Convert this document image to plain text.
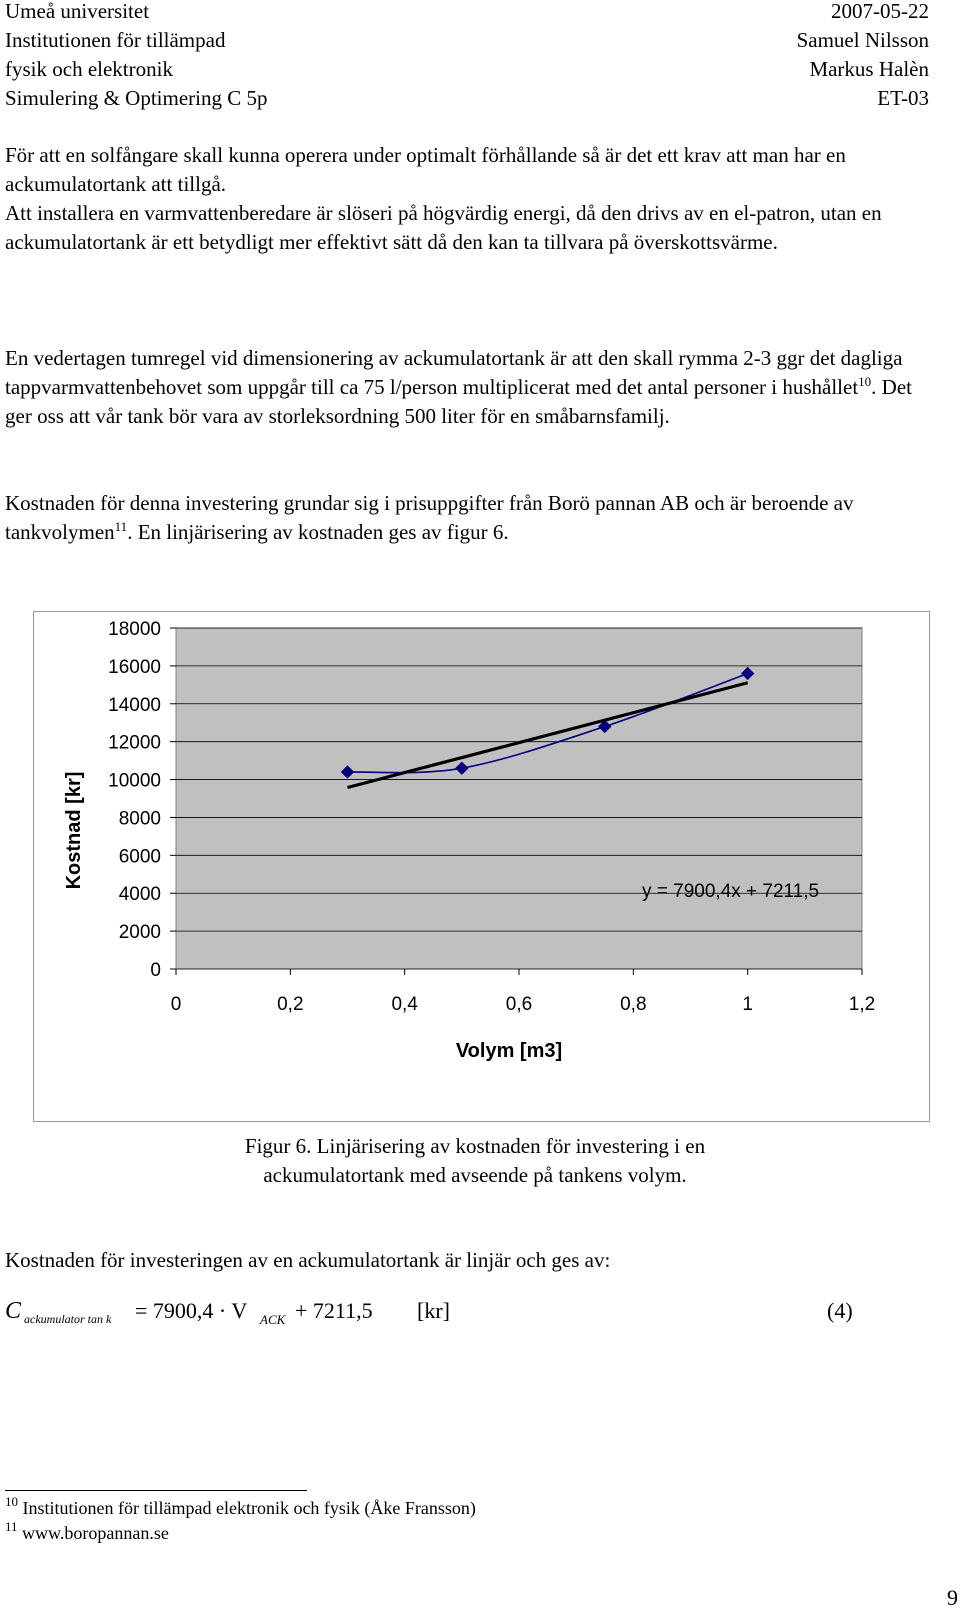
Umeå universitet
Institutionen för tillämpad
fysik och elektronik
Simulering & Optimering C 5p
2007-05-22
Samuel Nilsson
Markus Halèn
ET-03

För att en solfångare skall kunna operera under optimalt förhållande så är det ett krav att man har en ackumulatortank att tillgå.

Att installera en varmvattenberedare är slöseri på högvärdig energi, då den drivs av en el-patron, utan en ackumulatortank är ett betydligt mer effektivt sätt då den kan ta tillvara på överskottsvärme.

En vedertagen tumregel vid dimensionering av ackumulatortank är att den skall rymma 2-3 ggr det dagliga tappvarmvattenbehovet som uppgår till ca 75 l/person multiplicerat med det antal personer i hushållet$^{10}$. Det ger oss att vår tank bör vara av storleksordning 500 liter för en småbarnsfamilj.

Kostnaden för denna investering grundar sig i prisuppgifter från Borö pannan AB och är beroende av tankvolymen$^{11}$. En linjärisering av kostnaden ges av figur 6.

18000
16000
14000
12000
10000
8000
6000
4000
2000
0
0	0,2	0,4	0,6	0,8	1	1,2
Volym [m3]
Kostnad [kr]
y = 7900,4x + 7211,5
Figur 6. Linjärisering av kostnaden för investering i en
ackumulatortank med avseende på tankens volym.

Kostnaden för investeringen av en ackumulatortank är linjär och ges av:

C ackumulator tan k = 7900,4 · V ACK + 7211,5 [kr]	(4)
$^{10}$ Institutionen för tillämpad elektronik och fysik (Åke Fransson)
$^{11}$ www.boropannan.se
9
